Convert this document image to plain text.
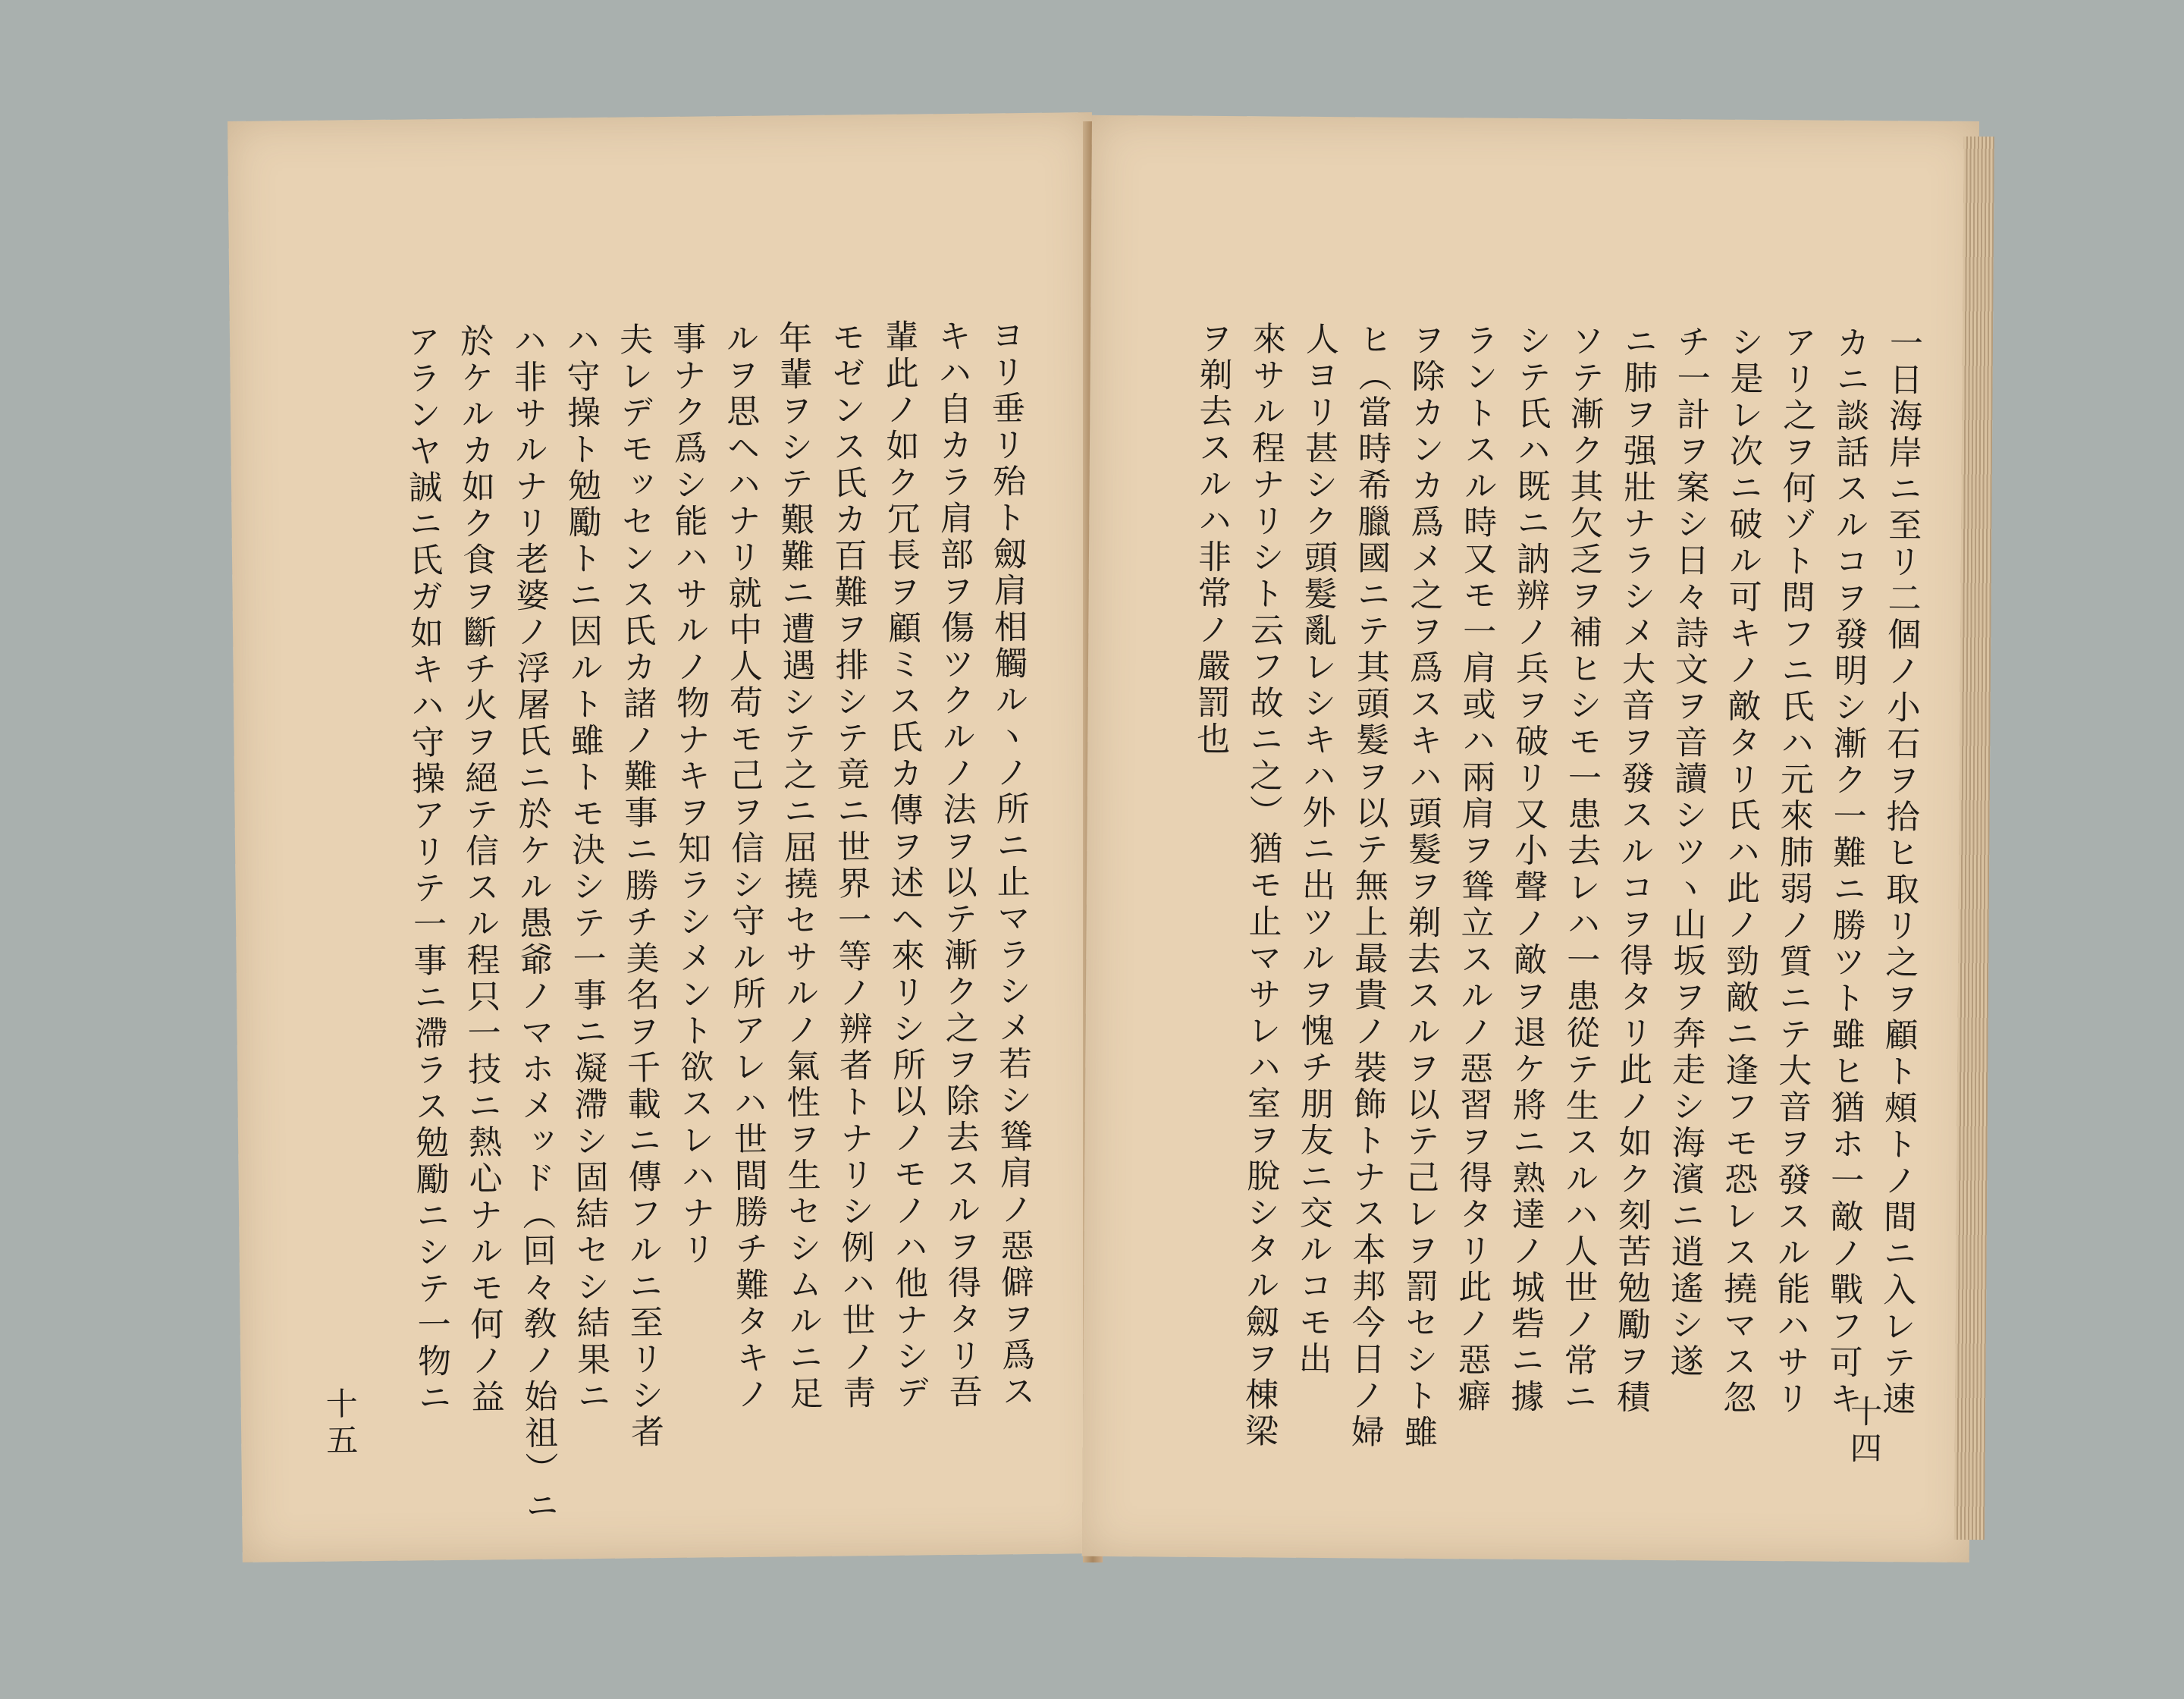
ヨリ垂リ殆ト劔肩相觸ルヽノ所ニ止マラシメ若シ聳肩ノ惡僻ヲ爲ス
キハ自カラ肩部ヲ傷ツクルノ法ヲ以テ漸ク之ヲ除去スルヲ得タリ吾
輩此ノ如ク冗長ヲ顧ミス氏カ傳ヲ述ヘ來リシ所以ノモノハ他ナシデ
モゼンス氏カ百難ヲ排シテ竟ニ世界一等ノ辨者トナリシ例ハ世ノ靑
年輩ヲシテ艱難ニ遭遇シテ之ニ屈撓セサルノ氣性ヲ生セシムルニ足
ルヲ思ヘハナリ就中人苟モ己ヲ信シ守ル所アレハ世間勝チ難タキノ
事ナク爲シ能ハサルノ物ナキヲ知ラシメント欲スレハナリ
夫レデモッセンス氏カ諸ノ難事ニ勝チ美名ヲ千載ニ傳フルニ至リシ者
ハ守操ト勉勵トニ因ルト雖トモ決シテ一事ニ凝滯シ固結セシ結果ニ
ハ非サルナリ老婆ノ浮屠氏ニ於ケル愚爺ノマホメッド（回々敎ノ始祖）ニ
於ケルカ如ク食ヲ斷チ火ヲ絕テ信スル程只一技ニ熱心ナルモ何ノ益
アランヤ誠ニ氏ガ如キハ守操アリテ一事ニ滯ラス勉勵ニシテ一物ニ
十五
一日海岸ニ至リ二個ノ小石ヲ拾ヒ取リ之ヲ顧ト頰トノ間ニ入レテ速
カニ談話スルコヲ發明シ漸ク一難ニ勝ツト雖ヒ猶ホ一敵ノ戰フ可キ
アリ之ヲ何ゾト問フニ氏ハ元來肺弱ノ質ニテ大音ヲ發スル能ハサリ
シ是レ次ニ破ル可キノ敵タリ氏ハ此ノ勁敵ニ逢フモ恐レス撓マス忽
チ一計ヲ案シ日々詩文ヲ音讀シツヽ山坂ヲ奔走シ海濱ニ逍遙シ遂
ニ肺ヲ强壯ナラシメ大音ヲ發スルコヲ得タリ此ノ如ク刻苦勉勵ヲ積
ソテ漸ク其欠乏ヲ補ヒシモ一患去レハ一患從テ生スルハ人世ノ常ニ
シテ氏ハ既ニ訥辨ノ兵ヲ破リ又小聲ノ敵ヲ退ケ將ニ熟達ノ城砦ニ據
ラントスル時又モ一肩或ハ兩肩ヲ聳立スルノ惡習ヲ得タリ此ノ惡癖
ヲ除カンカ爲メ之ヲ爲スキハ頭髮ヲ剃去スルヲ以テ己レヲ罰セシト雖
ヒ（當時希臘國ニテ其頭髮ヲ以テ無上最貴ノ裝飾トナス本邦今日ノ婦
人ヨリ甚シク頭髮亂レシキハ外ニ出ツルヲ愧チ朋友ニ交ルコモ出
來サル程ナリシト云フ故ニ之）猶モ止マサレハ室ヲ脫シタル劔ヲ棟梁
ヲ剃去スルハ非常ノ嚴罰也
十四
